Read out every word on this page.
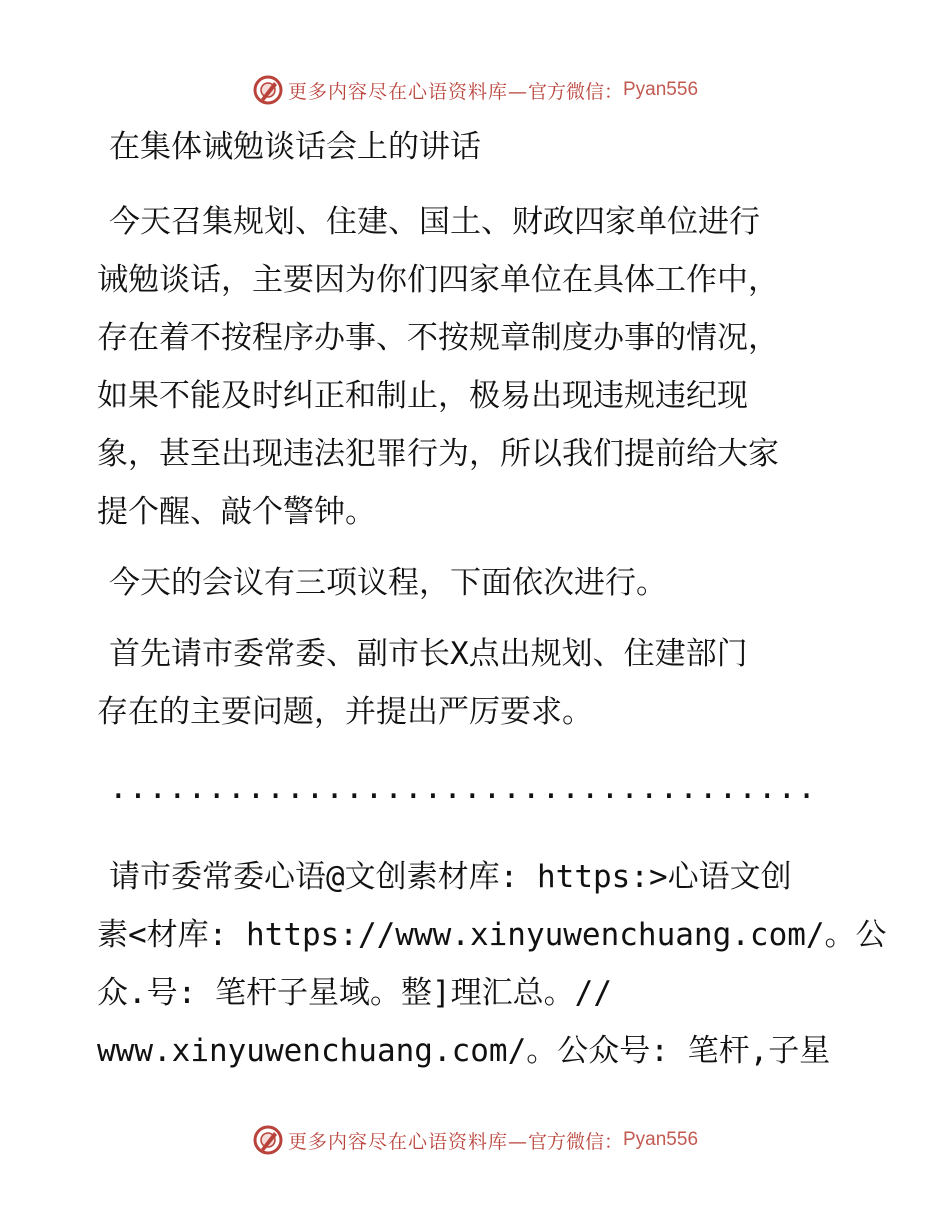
更多内容尽在心语资料库— 官方微信： Pyan556

在集体诫勉谈话会上的讲话

今天召集规划、住建、国土、财政四家单位进行
诫勉谈话，主要因为你们四家单位在具体工作中，
存在着不按程序办事、不按规章制度办事的情况，
如果不能及时纠正和制止，极易出现违规违纪现
象，甚至出现违法犯罪行为，所以我们提前给大家
提个醒、敲个警钟。

今天的会议有三项议程，下面依次进行。

首先请市委常委、副市长X点出规划、住建部门
存在的主要问题，并提出严厉要求。

....................................

请市委常委心语@文创素材库: https:>心语文创
素<材库: https://www.xinyuwenchuang.com/。公
众.号: 笔杆子星域。整]理汇总。//
www.xinyuwenchuang.com/。公众号: 笔杆,子星

更多内容尽在心语资料库— 官方微信： Pyan556
